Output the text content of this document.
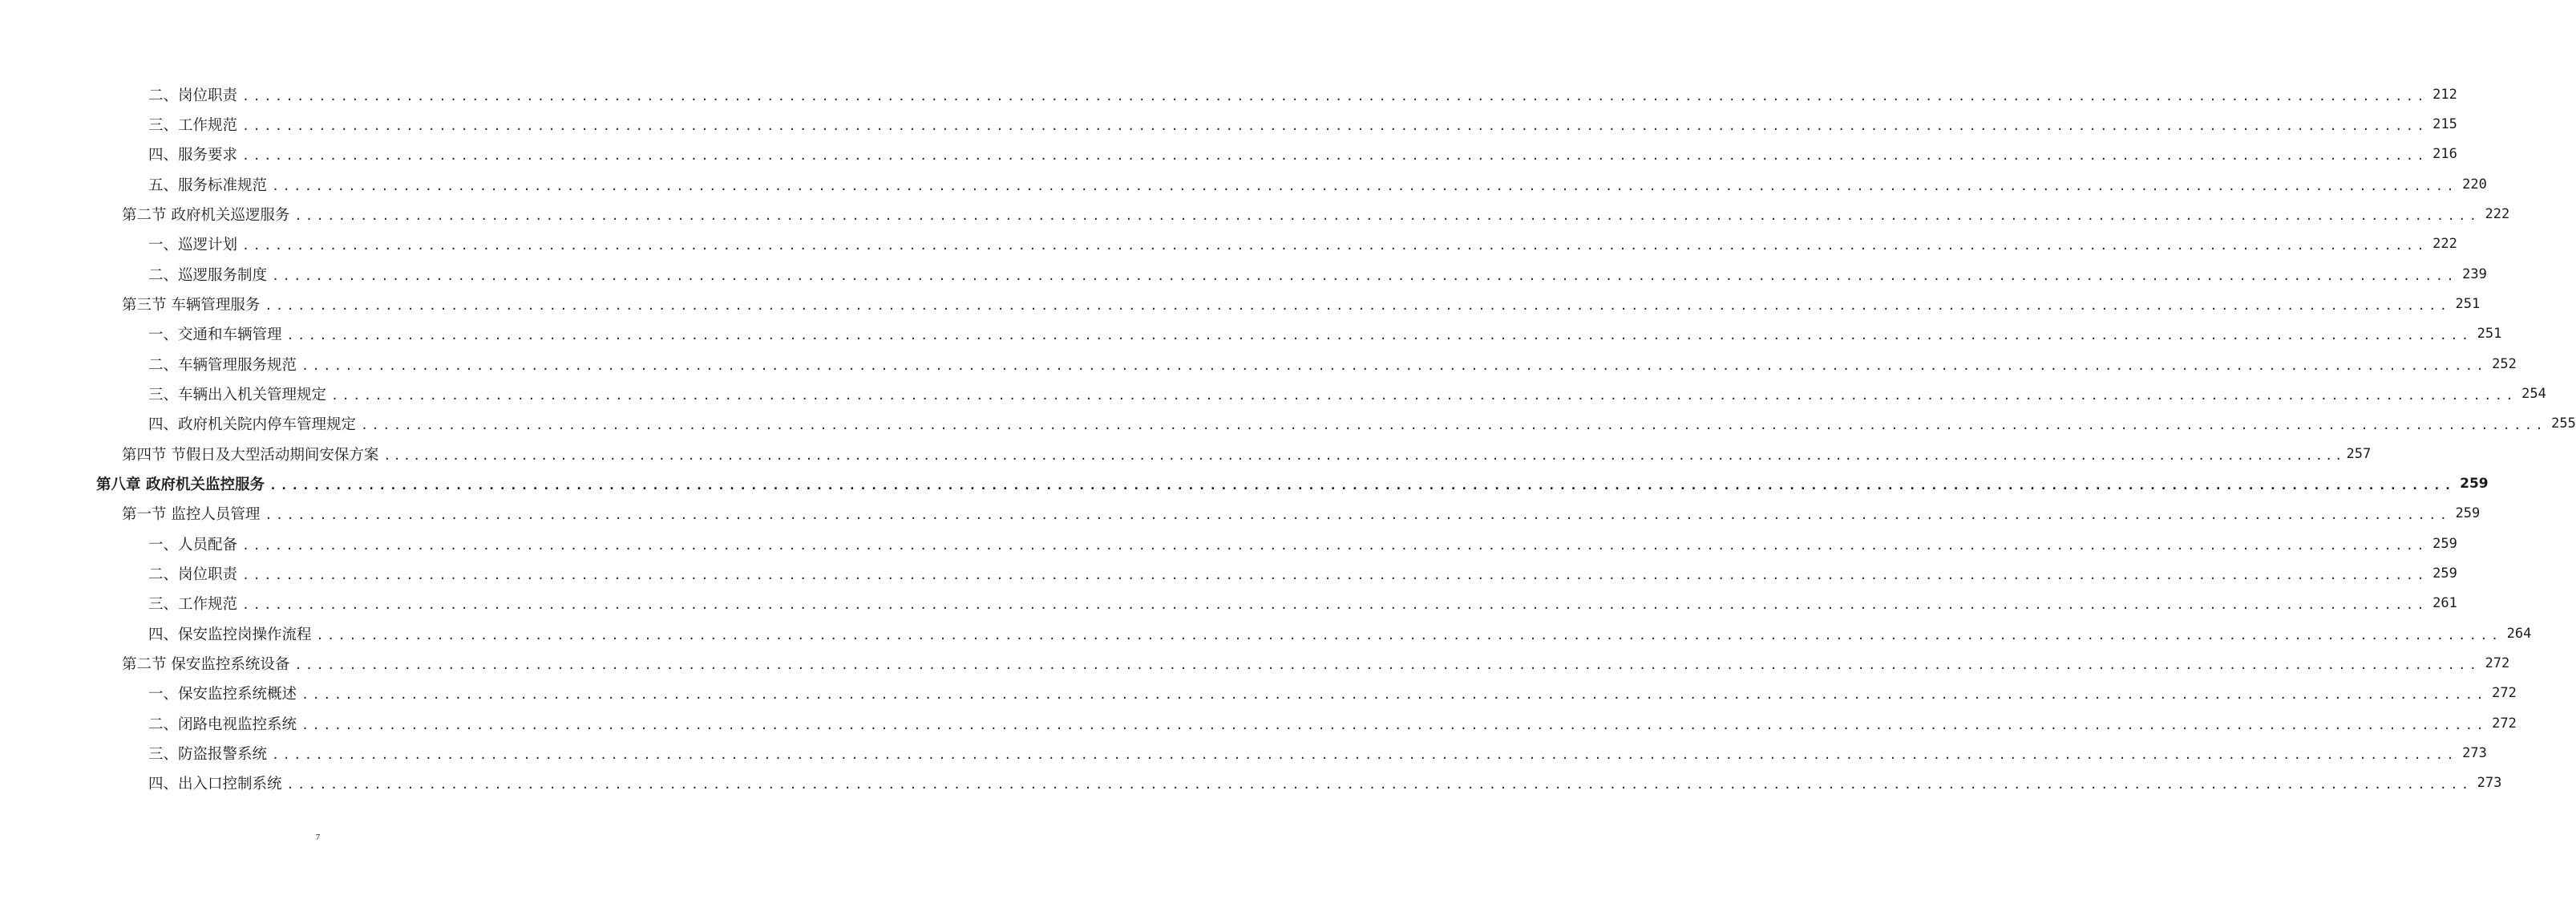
二、岗位职责 ........................................................................................................................................................................................................ 212
三、工作规范 ........................................................................................................................................................................................................ 215
四、服务要求 ........................................................................................................................................................................................................ 216
五、服务标准规范 ........................................................................................................................................................................................................ 220
第二节 政府机关巡逻服务 ........................................................................................................................................................................................................ 222
一、巡逻计划 ........................................................................................................................................................................................................ 222
二、巡逻服务制度 ........................................................................................................................................................................................................ 239
第三节 车辆管理服务 ........................................................................................................................................................................................................ 251
一、交通和车辆管理 ........................................................................................................................................................................................................ 251
二、车辆管理服务规范 ........................................................................................................................................................................................................ 252
三、车辆出入机关管理规定 ........................................................................................................................................................................................................ 254
四、政府机关院内停车管理规定 ........................................................................................................................................................................................................ 255
第四节 节假日及大型活动期间安保方案 ........................................................................................................................................................................................................ 257
第八章 政府机关监控服务 ........................................................................................................................................................................................................ 259
第一节 监控人员管理 ........................................................................................................................................................................................................ 259
一、人员配备 ........................................................................................................................................................................................................ 259
二、岗位职责 ........................................................................................................................................................................................................ 259
三、工作规范 ........................................................................................................................................................................................................ 261
四、保安监控岗操作流程 ........................................................................................................................................................................................................ 264
第二节 保安监控系统设备 ........................................................................................................................................................................................................ 272
一、保安监控系统概述 ........................................................................................................................................................................................................ 272
二、闭路电视监控系统 ........................................................................................................................................................................................................ 272
三、防盗报警系统 ........................................................................................................................................................................................................ 273
四、出入口控制系统 ........................................................................................................................................................................................................ 273
7
